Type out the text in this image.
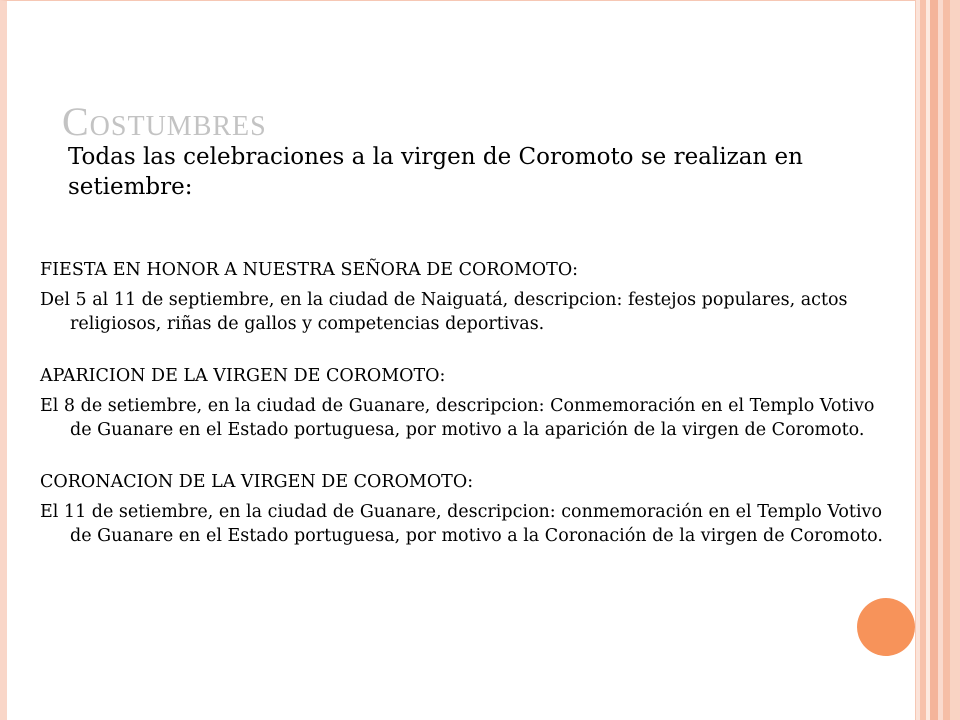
Costumbres
Todas las celebraciones a la virgen de Coromoto se realizan en setiembre:

FIESTA EN HONOR A NUESTRA SEÑORA DE COROMOTO:

Del 5 al 11 de septiembre, en la ciudad de Naiguatá, descripcion: festejos populares, actos religiosos, riñas de gallos y competencias deportivas.

APARICION DE LA VIRGEN DE COROMOTO:

El 8 de setiembre, en la ciudad de Guanare, descripcion: Conmemoración en el Templo Votivo de Guanare en el Estado portuguesa, por motivo a la aparición de la virgen de Coromoto.

CORONACION DE LA VIRGEN DE COROMOTO:

El 11 de setiembre, en la ciudad de Guanare, descripcion: conmemoración en el Templo Votivo de Guanare en el Estado portuguesa, por motivo a la Coronación de la virgen de Coromoto.
